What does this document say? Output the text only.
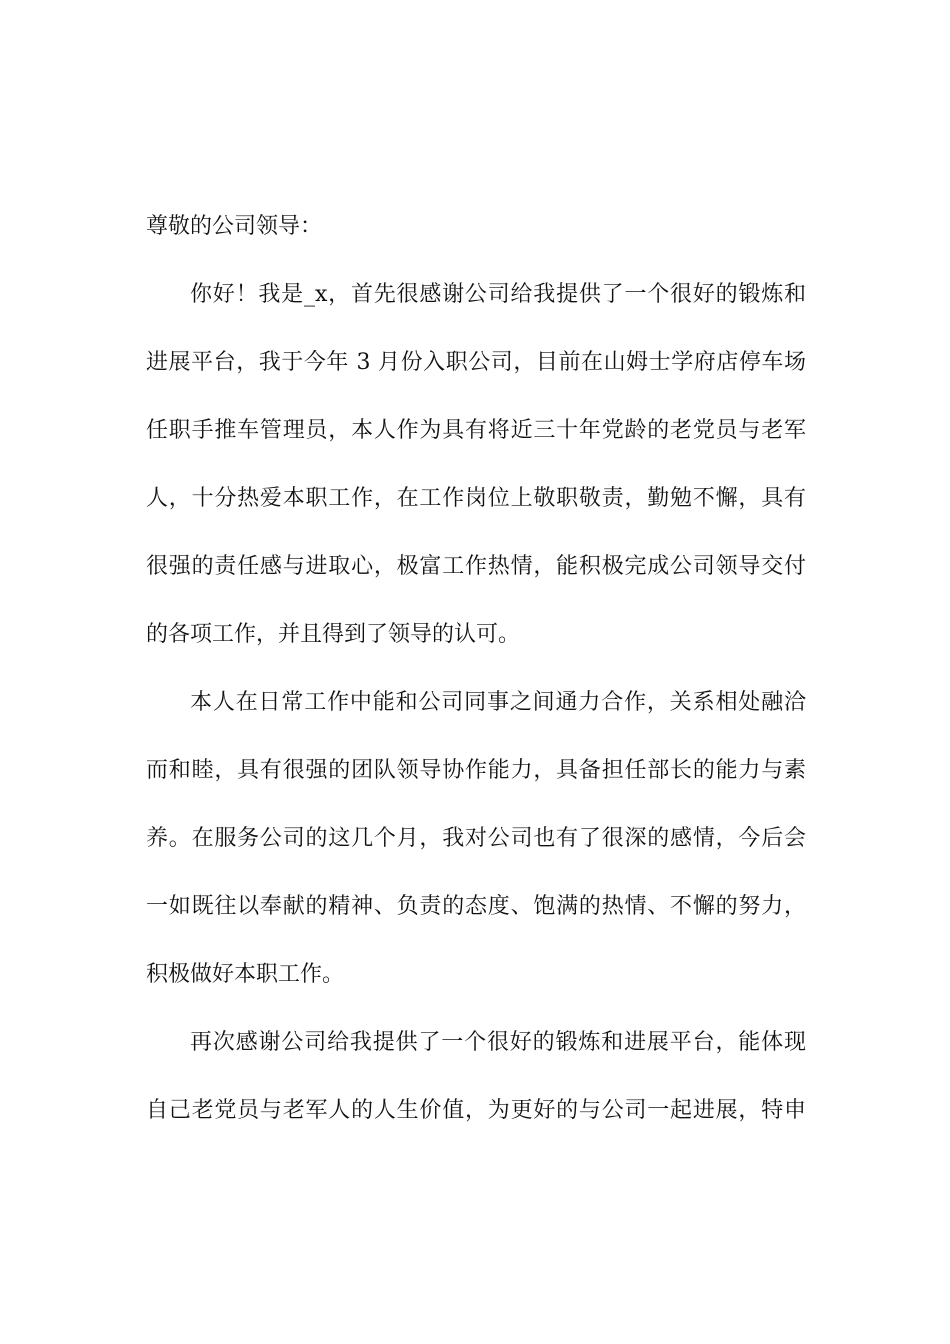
尊敬的公司领导：
你好！我是_x，首先很感谢公司给我提供了一个很好的锻炼和
进展平台，我于今年 3 月份入职公司，目前在山姆士学府店停车场
任职手推车管理员，本人作为具有将近三十年党龄的老党员与老军
人，十分热爱本职工作，在工作岗位上敬职敬责，勤勉不懈，具有
很强的责任感与进取心，极富工作热情，能积极完成公司领导交付
的各项工作，并且得到了领导的认可。
本人在日常工作中能和公司同事之间通力合作，关系相处融洽
而和睦，具有很强的团队领导协作能力，具备担任部长的能力与素
养。在服务公司的这几个月，我对公司也有了很深的感情，今后会
一如既往以奉献的精神、负责的态度、饱满的热情、不懈的努力，
积极做好本职工作。
再次感谢公司给我提供了一个很好的锻炼和进展平台，能体现
自己老党员与老军人的人生价值，为更好的与公司一起进展，特申
